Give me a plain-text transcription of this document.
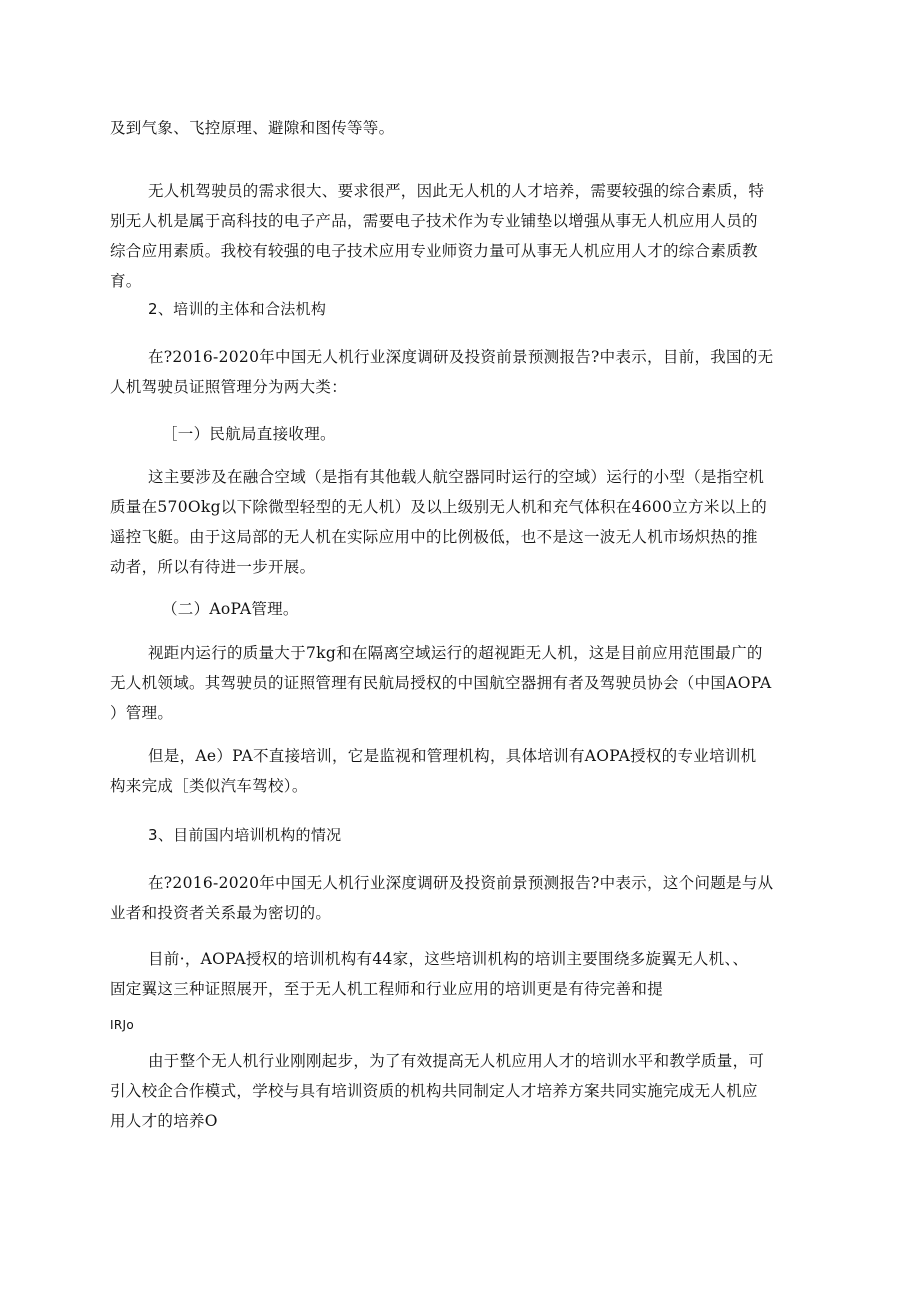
及到气象、飞控原理、避隙和图传等等。
无人机驾驶员的需求很大、要求很严，因此无人机的人才培养，需要较强的综合素质，特
别无人机是属于高科技的电子产品，需要电子技术作为专业铺垫以增强从事无人机应用人员的
综合应用素质。我校有较强的电子技术应用专业师资力量可从事无人机应用人才的综合素质教
育。
2、培训的主体和合法机构
在?2016-2020年中国无人机行业深度调研及投资前景预测报告?中表示，目前，我国的无
人机驾驶员证照管理分为两大类：
［一）民航局直接收理。
这主要涉及在融合空域（是指有其他载人航空器同时运行的空域）运行的小型（是指空机
质量在570Okg以下除微型轻型的无人机）及以上级别无人机和充气体积在4600立方米以上的
遥控飞艇。由于这局部的无人机在实际应用中的比例极低，也不是这一波无人机市场炽热的推
动者，所以有待进一步开展。
（二）AoPA管理。
视距内运行的质量大于7kg和在隔离空域运行的超视距无人机，这是目前应用范围最广的
无人机领域。其驾驶员的证照管理有民航局授权的中国航空器拥有者及驾驶员协会（中国AOPA
）管理。
但是，Ae）PA不直接培训，它是监视和管理机构，具体培训有AOPA授权的专业培训机
构来完成［类似汽车驾校）。
3、目前国内培训机构的情况
在?2016-2020年中国无人机行业深度调研及投资前景预测报告?中表示，这个问题是与从
业者和投资者关系最为密切的。
目前·，AOPA授权的培训机构有44家，这些培训机构的培训主要围绕多旋翼无人机、、
固定翼这三种证照展开，至于无人机工程师和行业应用的培训更是有待完善和提
IRJo
由于整个无人机行业刚刚起步，为了有效提高无人机应用人才的培训水平和教学质量，可
引入校企合作模式，学校与具有培训资质的机构共同制定人才培养方案共同实施完成无人机应
用人才的培养O
